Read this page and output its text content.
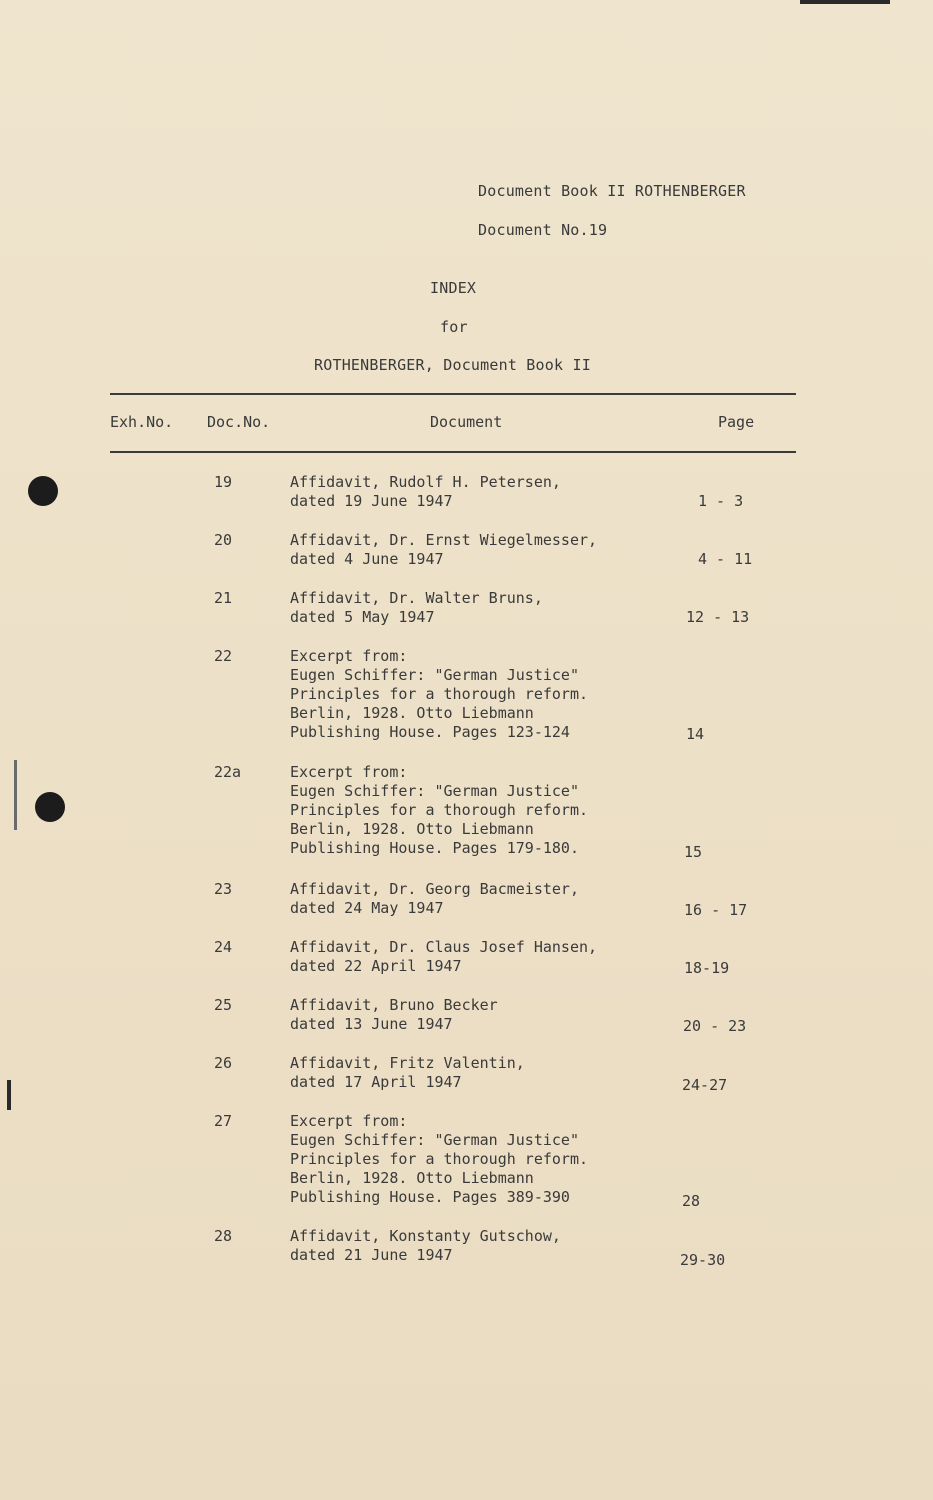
Document Book II ROTHENBERGER
Document No.19
INDEX
for
ROTHENBERGER, Document Book II
Exh.No. Doc.No.	Document	Page
19	Affidavit, Rudolf H. Petersen,
dated 19 June 1947	1 - 3
20	Affidavit, Dr. Ernst Wiegelmesser,
dated 4 June 1947	4 - 11
21	Affidavit, Dr. Walter Bruns,
dated 5 May 1947	12 - 13
22	Excerpt from:
Eugen Schiffer: "German Justice"
Principles for a thorough reform.
Berlin, 1928. Otto Liebmann
Publishing House. Pages 123-124	14
22a	Excerpt from:
Eugen Schiffer: "German Justice"
Principles for a thorough reform.
Berlin, 1928. Otto Liebmann
Publishing House. Pages 179-180.	15
23	Affidavit, Dr. Georg Bacmeister,
dated 24 May 1947	16 - 17
24	Affidavit, Dr. Claus Josef Hansen,
dated 22 April 1947	18-19
25	Affidavit, Bruno Becker
dated 13 June 1947	20 - 23
26	Affidavit, Fritz Valentin,
dated 17 April 1947	24-27
27	Excerpt from:
Eugen Schiffer: "German Justice"
Principles for a thorough reform.
Berlin, 1928. Otto Liebmann
Publishing House. Pages 389-390	28
28	Affidavit, Konstanty Gutschow,
dated 21 June 1947	29-30
